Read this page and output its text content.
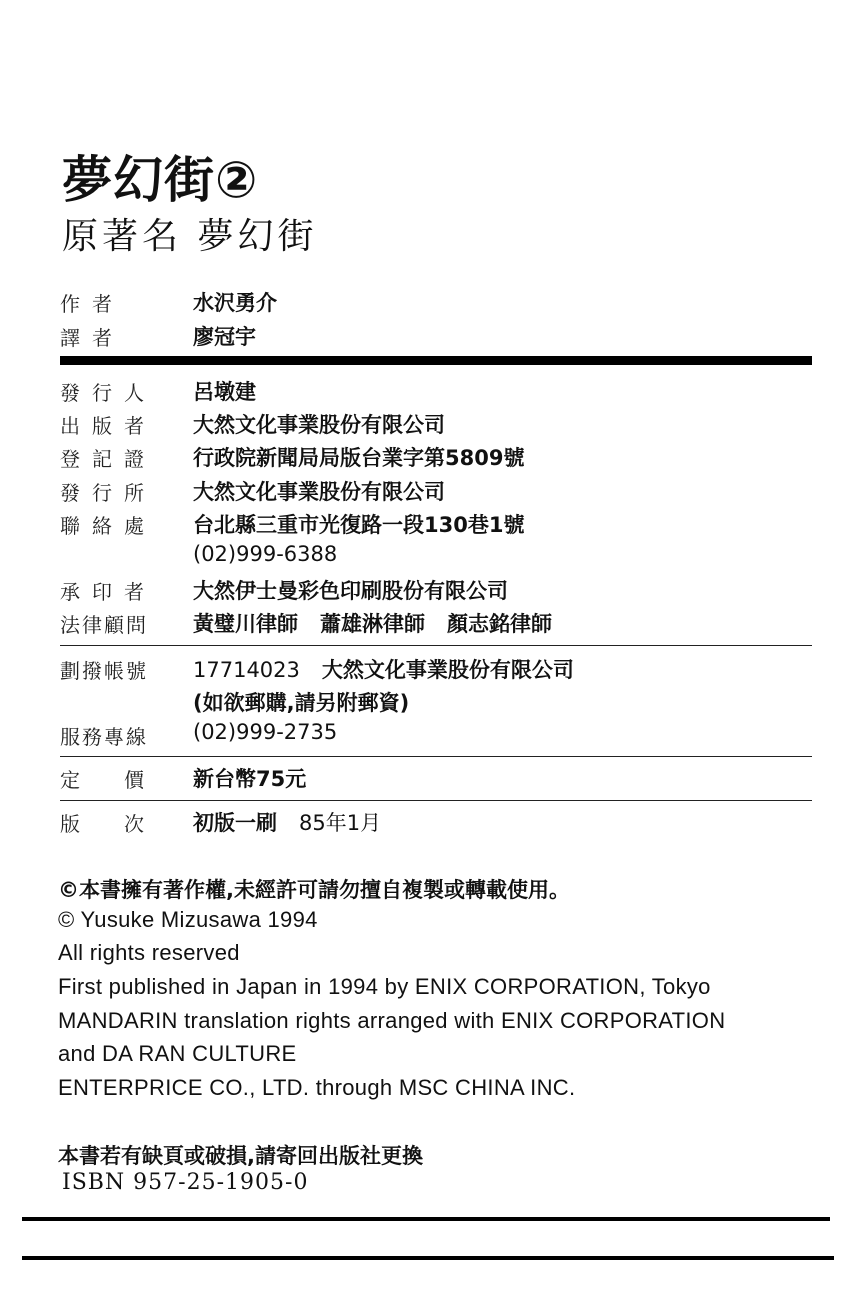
夢幻街②
原著名 夢幻街
作者	水沢勇介
譯者	廖冠宇
發行人 呂墩建
出版者 大然文化事業股份有限公司
登記證 行政院新聞局局版台業字第5809號
發行所 大然文化事業股份有限公司
聯絡處 台北縣三重市光復路一段130巷1號
(02)999-6388
承印者 大然伊士曼彩色印刷股份有限公司
法律顧問 黃璧川律師 蕭雄淋律師 顏志銘律師
劃撥帳號 17714023 大然文化事業股份有限公司
(如欲郵購,請另附郵資)
服務專線 (02)999-2735
定價 新台幣75元
版次 初版一刷 85年1月
©本書擁有著作權,未經許可請勿擅自複製或轉載使用。
© Yusuke Mizusawa 1994
All rights reserved
First published in Japan in 1994 by ENIX CORPORATION, Tokyo
MANDARIN translation rights arranged with ENIX CORPORATION
and DA RAN CULTURE
ENTERPRICE CO., LTD. through MSC CHINA INC.
本書若有缺頁或破損,請寄回出版社更換
ISBN 957-25-1905-0
